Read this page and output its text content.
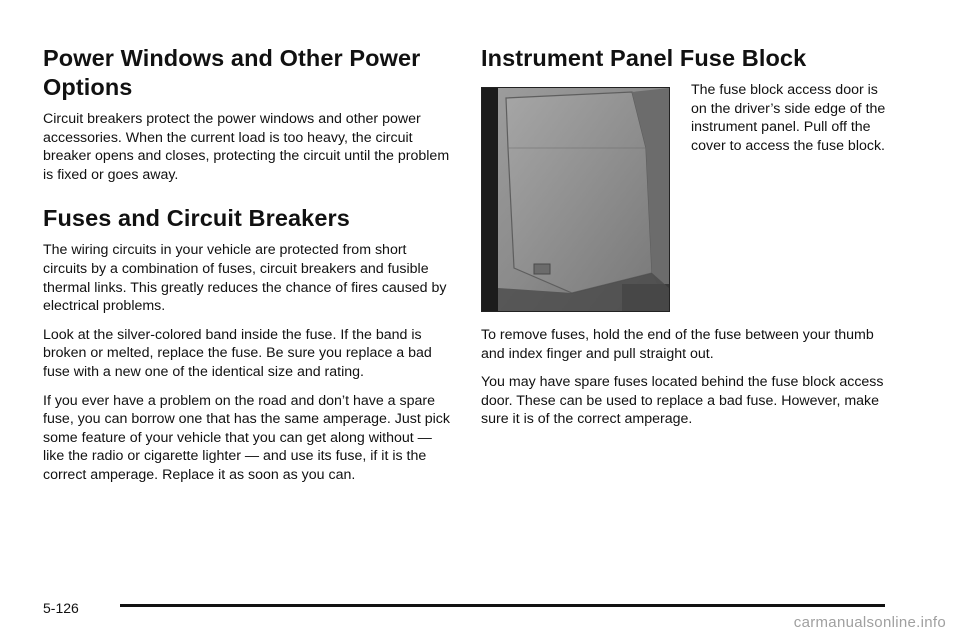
Power Windows and Other Power Options

Circuit breakers protect the power windows and other power accessories. When the current load is too heavy, the circuit breaker opens and closes, protecting the circuit until the problem is fixed or goes away.

Fuses and Circuit Breakers

The wiring circuits in your vehicle are protected from short circuits by a combination of fuses, circuit breakers and fusible thermal links. This greatly reduces the chance of fires caused by electrical problems.

Look at the silver-colored band inside the fuse. If the band is broken or melted, replace the fuse. Be sure you replace a bad fuse with a new one of the identical size and rating.

If you ever have a problem on the road and don’t have a spare fuse, you can borrow one that has the same amperage. Just pick some feature of your vehicle that you can get along without — like the radio or cigarette lighter — and use its fuse, if it is the correct amperage. Replace it as soon as you can.

Instrument Panel Fuse Block
The fuse block access door is on the driver’s side edge of the instrument panel. Pull off the cover to access the fuse block.

To remove fuses, hold the end of the fuse between your thumb and index finger and pull straight out.

You may have spare fuses located behind the fuse block access door. These can be used to replace a bad fuse. However, make sure it is of the correct amperage.

5-126
carmanualsonline.info
